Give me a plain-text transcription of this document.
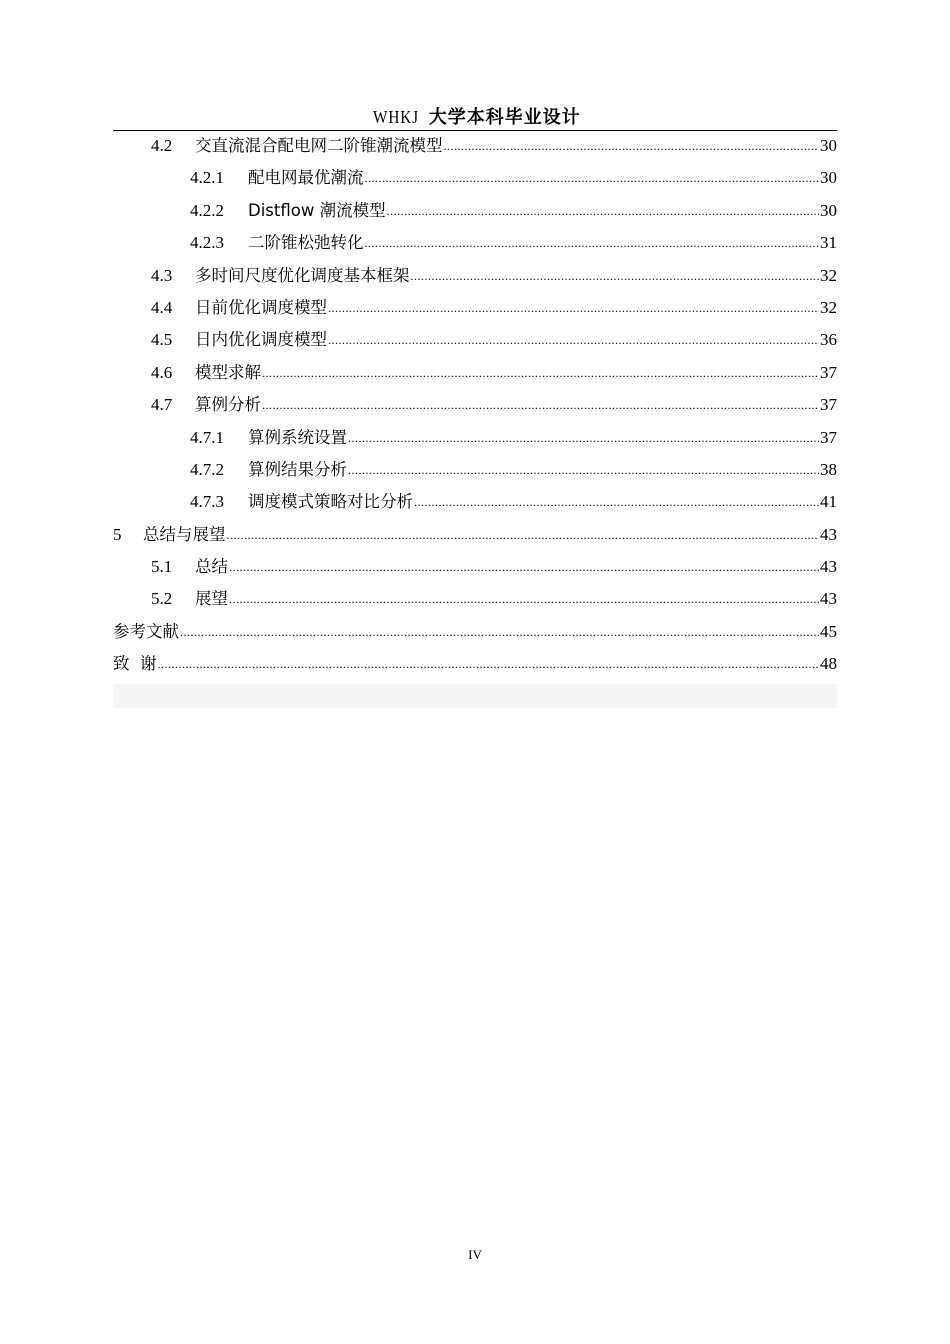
WHKJ 大学本科毕业设计
4.2	交直流混合配电网二阶锥潮流模型 .....	30
4.2.1	配电网最优潮流 .....	30
4.2.2	Distflow 潮流模型 .....	30
4.2.3	二阶锥松弛转化 .....	31
4.3	多时间尺度优化调度基本框架 .....	32
4.4	日前优化调度模型 .....	32
4.5	日内优化调度模型 .....	36
4.6	模型求解 .....	37
4.7	算例分析 .....	37
4.7.1	算例系统设置 .....	37
4.7.2	算例结果分析 .....	38
4.7.3	调度模式策略对比分析 .....	41
5	总结与展望 .....	43
5.1	总结 .....	43
5.2	展望 .....	43
参考文献 .....	45
致  谢 .....	48
IV
